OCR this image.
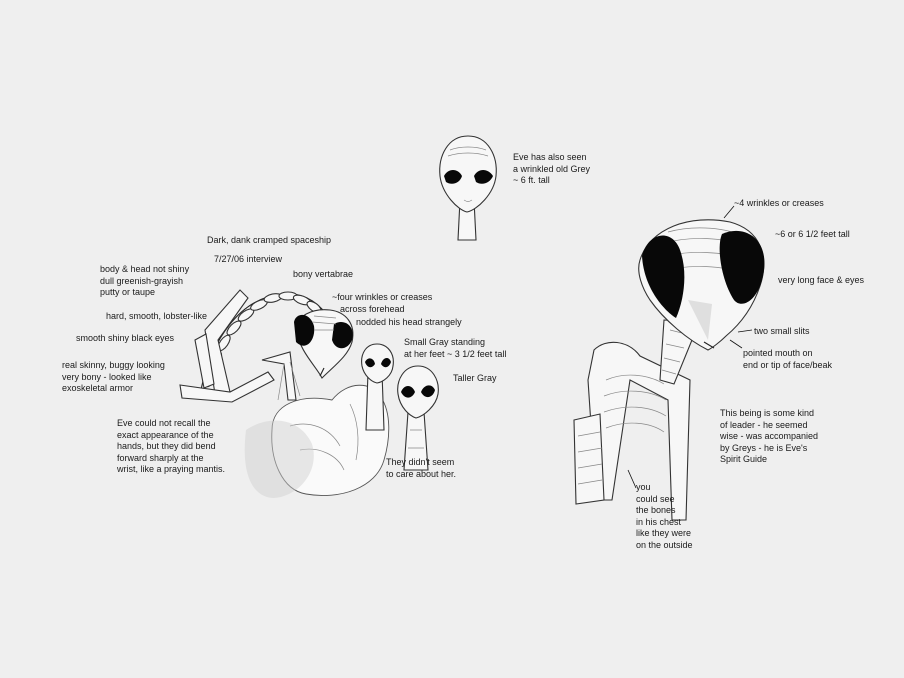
Eve has also seen
a wrinkled old Grey
~ 6 ft. tall
Dark, dank cramped spaceship
7/27/06 interview
body & head not shiny
dull greenish-grayish
putty or taupe
bony vertabrae
hard, smooth, lobster-like
~four wrinkles or creases
across forehead
nodded his head strangely
smooth shiny black eyes	Small Gray standing
at her feet ~ 3 1/2 feet tall
real skinny, buggy looking
very bony - looked like
exoskeletal armor
Taller Gray
Eve could not recall the
exact appearance of the
hands, but they did bend
forward sharply at the
wrist, like a praying mantis.
They didn't seem
to care about her.
~4 wrinkles or creases
~6 or 6 1/2 feet tall
very long face & eyes
two small slits
pointed mouth on
end or tip of face/beak
This being is some kind
of leader - he seemed
wise - was accompanied
by Greys - he is Eve's
Spirit Guide
you
could see
the bones
in his chest
like they were
on the outside
